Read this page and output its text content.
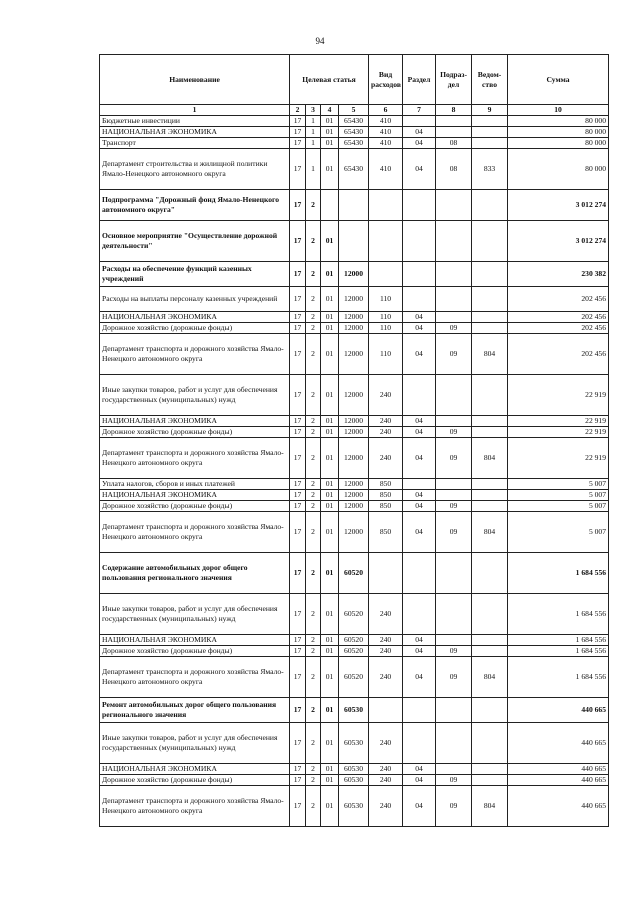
94
Наименование	Целевая статья				Вид расходов	Раздел	Подраз-дел	Ведом-ство	Сумма
1	2	3	4	5	6	7	8	9	10
Бюджетные инвестиции	17	1	01	65430	410				80 000
НАЦИОНАЛЬНАЯ ЭКОНОМИКА	17	1	01	65430	410	04			80 000
Транспорт	17	1	01	65430	410	04	08		80 000
Департамент строительства и жилищной политики Ямало-Ненецкого автономного округа	17	1	01	65430	410	04	08	833	80 000
Подпрограмма "Дорожный фонд Ямало-Ненецкого автономного округа"	17	2							3 012 274
Основное мероприятие "Осуществление дорожной деятельности"	17	2	01						3 012 274
Расходы на обеспечение функций казенных учреждений	17	2	01	12000					230 382
Расходы на выплаты персоналу казенных учреждений	17	2	01	12000	110				202 456
НАЦИОНАЛЬНАЯ ЭКОНОМИКА	17	2	01	12000	110	04			202 456
Дорожное хозяйство (дорожные фонды)	17	2	01	12000	110	04	09		202 456
Департамент транспорта и дорожного хозяйства Ямало-Ненецкого автономного округа	17	2	01	12000	110	04	09	804	202 456
Иные закупки товаров, работ и услуг для обеспечения государственных (муниципальных) нужд	17	2	01	12000	240				22 919
НАЦИОНАЛЬНАЯ ЭКОНОМИКА	17	2	01	12000	240	04			22 919
Дорожное хозяйство (дорожные фонды)	17	2	01	12000	240	04	09		22 919
Департамент транспорта и дорожного хозяйства Ямало-Ненецкого автономного округа	17	2	01	12000	240	04	09	804	22 919
Уплата налогов, сборов и иных платежей	17	2	01	12000	850				5 007
НАЦИОНАЛЬНАЯ ЭКОНОМИКА	17	2	01	12000	850	04			5 007
Дорожное хозяйство (дорожные фонды)	17	2	01	12000	850	04	09		5 007
Департамент транспорта и дорожного хозяйства Ямало-Ненецкого автономного округа	17	2	01	12000	850	04	09	804	5 007
Содержание автомобильных дорог общего пользования регионального значения	17	2	01	60520					1 684 556
Иные закупки товаров, работ и услуг для обеспечения государственных (муниципальных) нужд	17	2	01	60520	240				1 684 556
НАЦИОНАЛЬНАЯ ЭКОНОМИКА	17	2	01	60520	240	04			1 684 556
Дорожное хозяйство (дорожные фонды)	17	2	01	60520	240	04	09		1 684 556
Департамент транспорта и дорожного хозяйства Ямало-Ненецкого автономного округа	17	2	01	60520	240	04	09	804	1 684 556
Ремонт автомобильных дорог общего пользования регионального значения	17	2	01	60530					440 665
Иные закупки товаров, работ и услуг для обеспечения государственных (муниципальных) нужд	17	2	01	60530	240				440 665
НАЦИОНАЛЬНАЯ ЭКОНОМИКА	17	2	01	60530	240	04			440 665
Дорожное хозяйство (дорожные фонды)	17	2	01	60530	240	04	09		440 665
Департамент транспорта и дорожного хозяйства Ямало-Ненецкого автономного округа	17	2	01	60530	240	04	09	804	440 665
